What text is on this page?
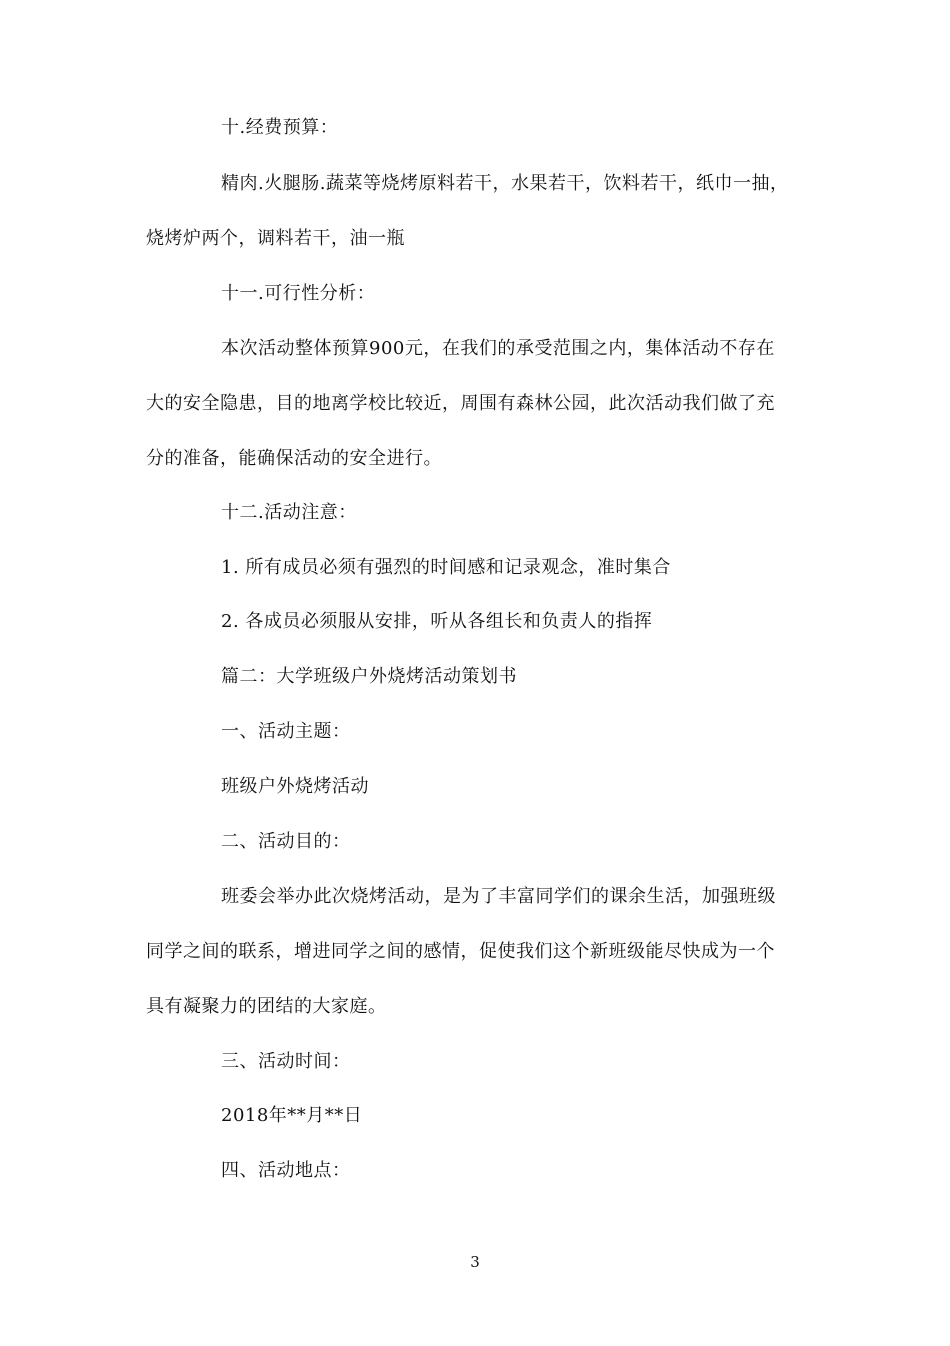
十.经费预算：
精肉.火腿肠.蔬菜等烧烤原料若干，水果若干，饮料若干，纸巾一抽，
烧烤炉两个，调料若干，油一瓶
十一.可行性分析：
本次活动整体预算900元，在我们的承受范围之内，集体活动不存在
大的安全隐患，目的地离学校比较近，周围有森林公园，此次活动我们做了充
分的准备，能确保活动的安全进行。
十二.活动注意：
1. 所有成员必须有强烈的时间感和记录观念，准时集合
2. 各成员必须服从安排，听从各组长和负责人的指挥
篇二：大学班级户外烧烤活动策划书
一、活动主题：
班级户外烧烤活动
二、活动目的：
班委会举办此次烧烤活动，是为了丰富同学们的课余生活，加强班级
同学之间的联系，增进同学之间的感情，促使我们这个新班级能尽快成为一个
具有凝聚力的团结的大家庭。
三、活动时间：
2018年**月**日
四、活动地点：
3
